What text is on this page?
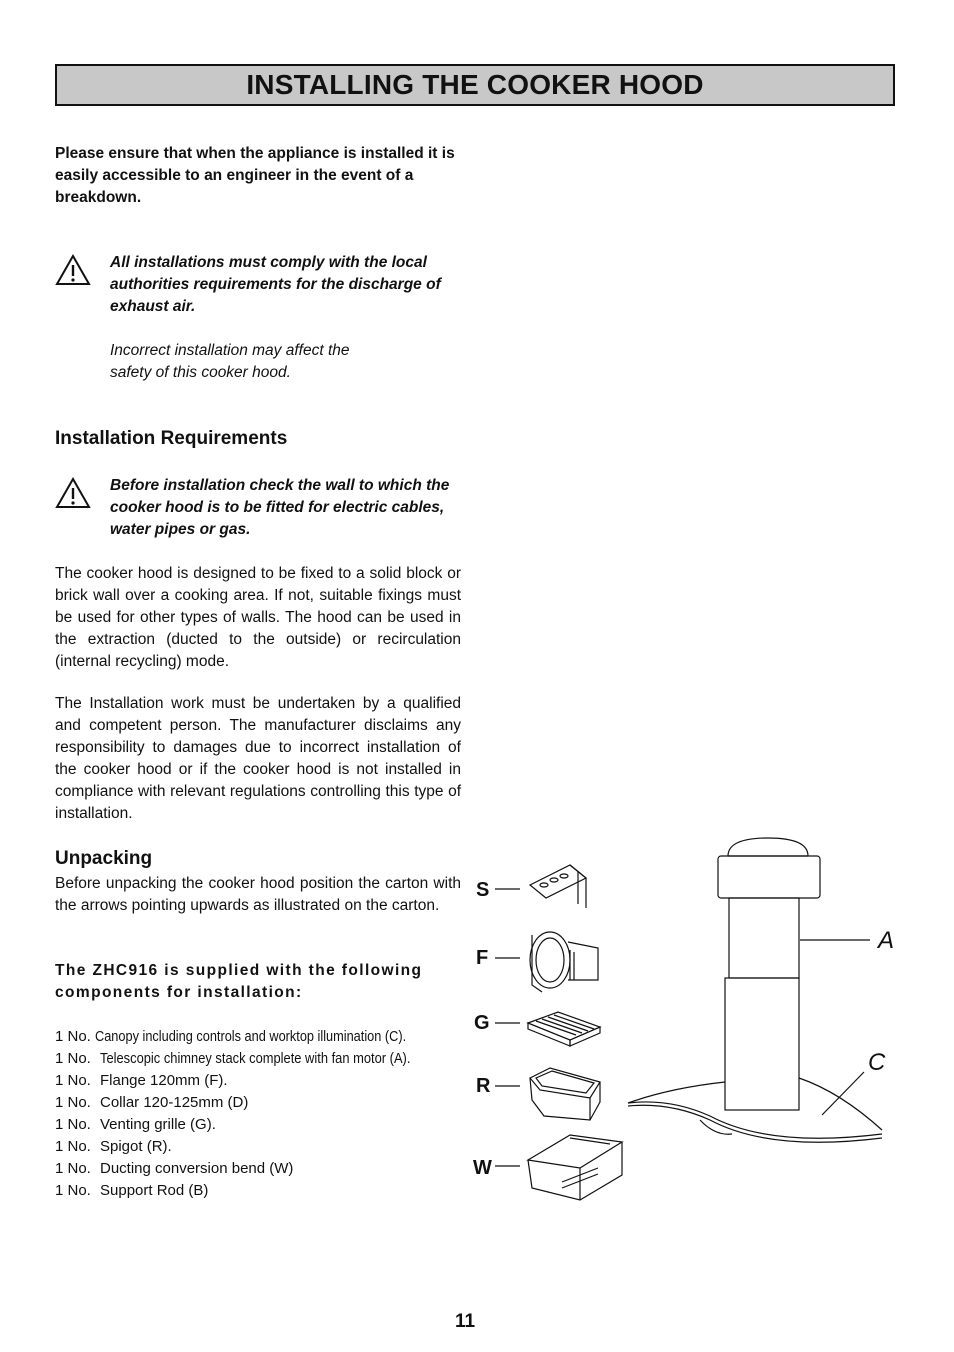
INSTALLING THE COOKER HOOD
Please ensure that when the appliance is installed it is easily accessible to an engineer in the event of a breakdown.
All installations must comply with the local authorities requirements for the discharge of exhaust air.
Incorrect installation may affect the safety of this cooker hood.
Installation Requirements
Before installation check the wall to which the cooker hood is to be fitted for electric cables, water pipes or gas.
The cooker hood is designed to be fixed to a solid block or brick wall over a cooking area. If not, suitable fixings must be used for other types of walls. The hood can be used in the extraction (ducted to the outside) or recirculation (internal recycling) mode.
The Installation work must be undertaken by a qualified and competent person. The manufacturer disclaims any responsibility to damages due to incorrect installation of the cooker hood or if the cooker hood is not installed in compliance with relevant regulations controlling this type of installation.
Unpacking
Before unpacking the cooker hood position the carton with the arrows pointing upwards as illustrated on the carton.
The ZHC916 is supplied with the following components for installation:
1 No. Canopy including controls and worktop illumination (C).
1 No. Telescopic chimney stack complete with fan motor (A).
1 No. Flange 120mm (F).
1 No. Collar 120-125mm (D)
1 No. Venting grille (G).
1 No. Spigot (R).
1 No. Ducting conversion bend (W)
1 No. Support Rod (B)
S
F
G
R
W
A
C
11
